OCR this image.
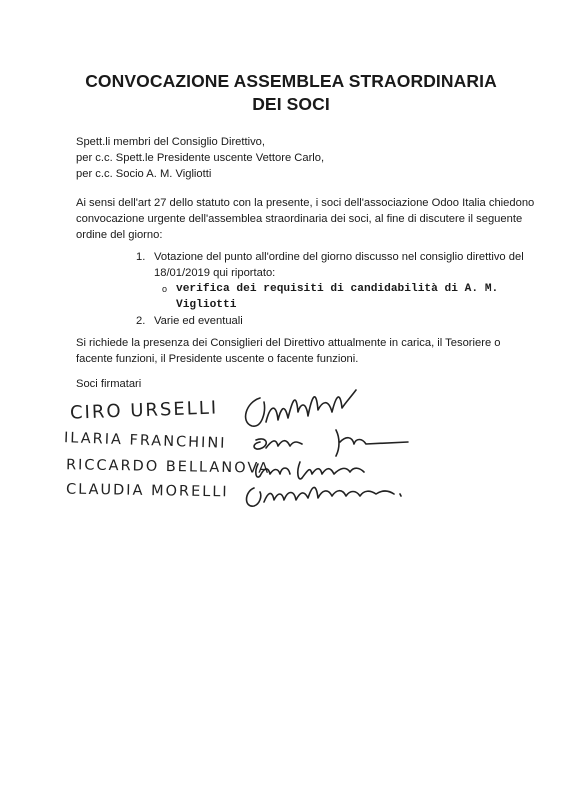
CONVOCAZIONE ASSEMBLEA STRAORDINARIA
DEI SOCI
Spett.li membri del Consiglio Direttivo,
per c.c. Spett.le Presidente uscente Vettore Carlo,
per c.c. Socio A. M. Vigliotti
Ai sensi dell'art 27 dello statuto con la presente, i soci dell'associazione Odoo Italia chiedono
convocazione urgente dell'assemblea straordinaria dei soci, al fine di discutere il seguente
ordine del giorno:
1. Votazione del punto all'ordine del giorno discusso nel consiglio direttivo del
18/01/2019 qui riportato:
o verifica dei requisiti di candidabilità di A. M.
Vigliotti
2. Varie ed eventuali
Si richiede la presenza dei Consiglieri del Direttivo attualmente in carica, il Tesoriere o
facente funzioni, il Presidente uscente o facente funzioni.
Soci firmatari
CIRO URSELLI
ILARIA FRANCHINI
RICCARDO BELLANOVA
CLAUDIA MORELLI
